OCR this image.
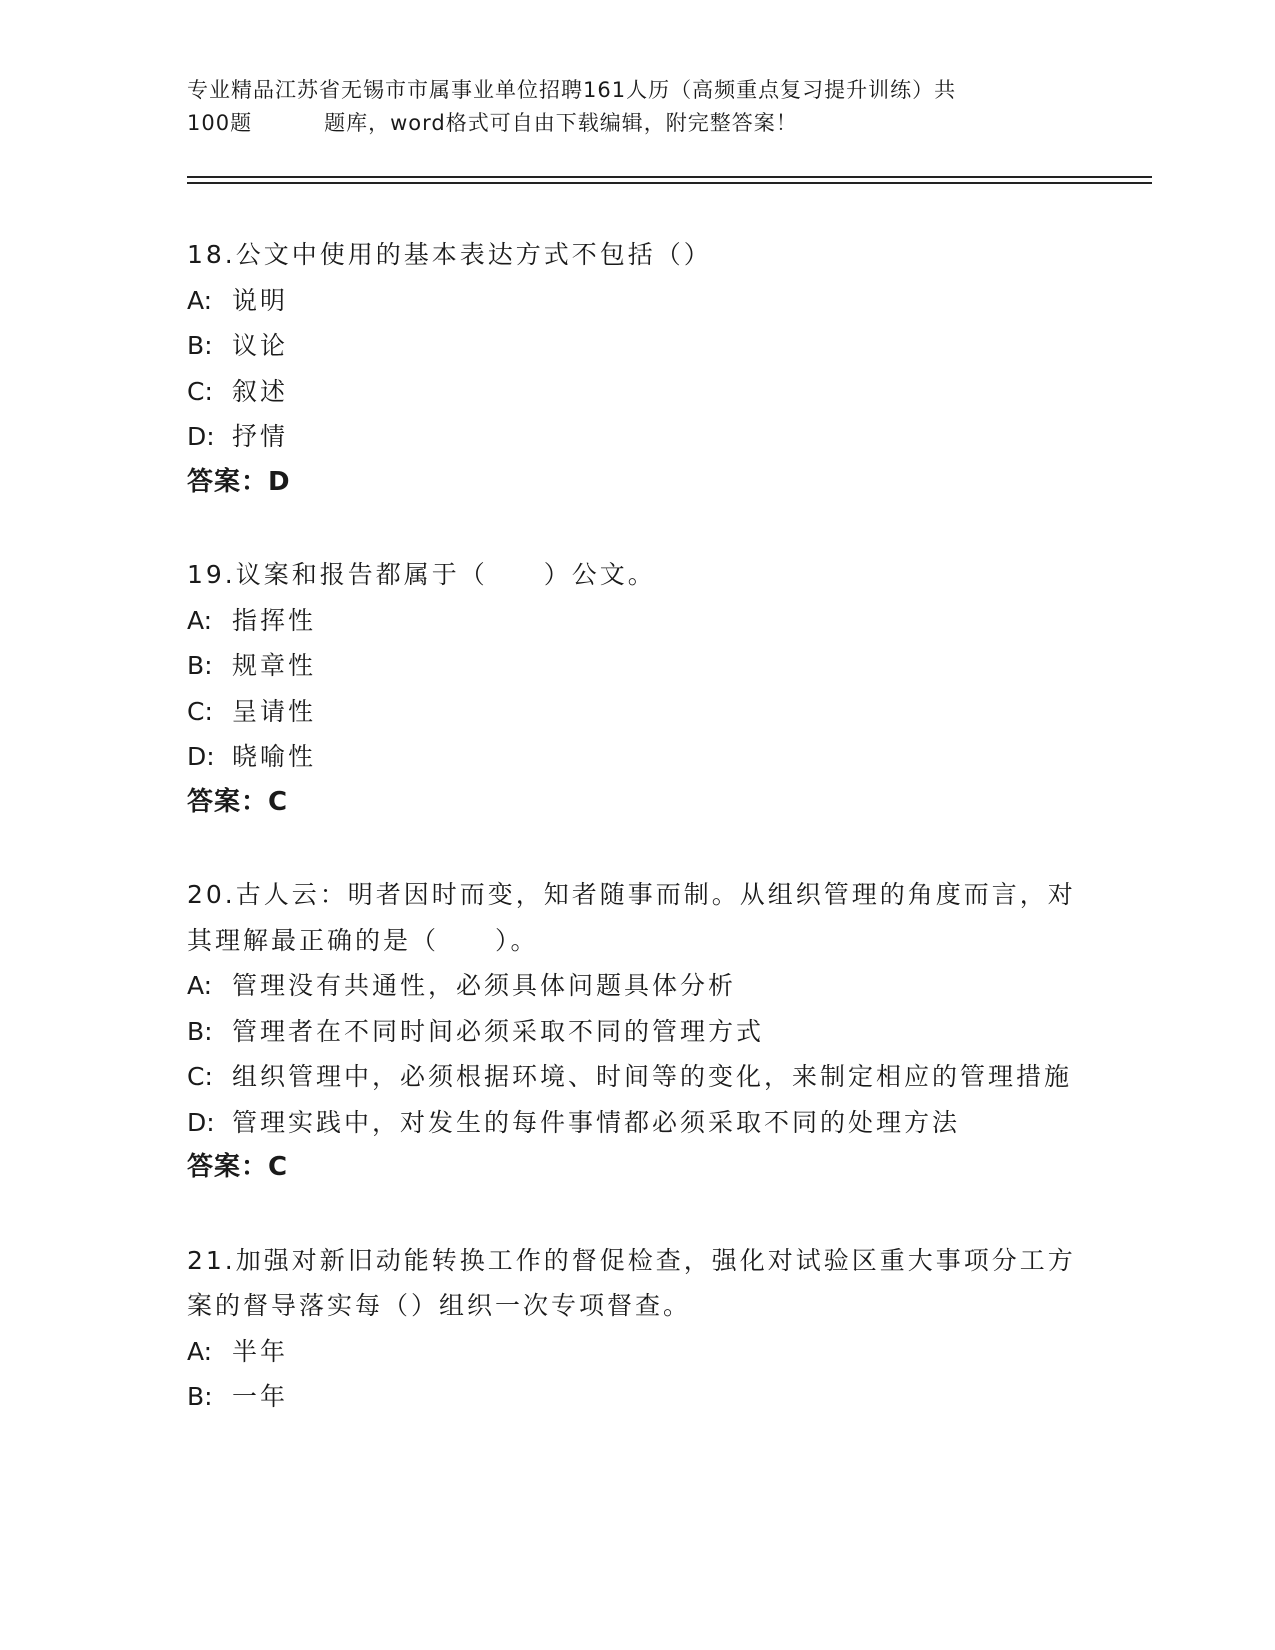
专业精品江苏省无锡市市属事业单位招聘161人历（高频重点复习提升训练）共
100题	题库，word格式可自由下载编辑，附完整答案！

18.公文中使用的基本表达方式不包括（）

A: 说明

B: 议论

C: 叙述

D: 抒情

答案：D

19.议案和报告都属于（　　）公文。

A: 指挥性

B: 规章性

C: 呈请性

D: 晓喻性

答案：C

20.古人云：明者因时而变，知者随事而制。从组织管理的角度而言，对其理解最正确的是（　　）。

A: 管理没有共通性，必须具体问题具体分析

B: 管理者在不同时间必须采取不同的管理方式

C: 组织管理中，必须根据环境、时间等的变化，来制定相应的管理措施

D: 管理实践中，对发生的每件事情都必须采取不同的处理方法

答案：C

21.加强对新旧动能转换工作的督促检查，强化对试验区重大事项分工方案的督导落实每（）组织一次专项督查。

A: 半年

B: 一年
